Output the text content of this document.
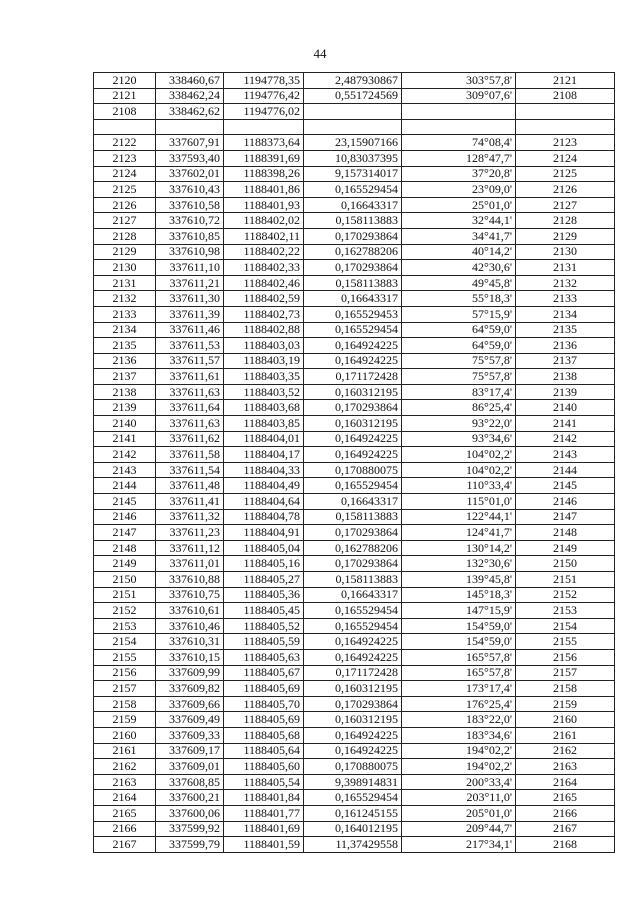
44
2120	338460,67	1194778,35	2,487930867	303°57,8'	2121
2121	338462,24	1194776,42	0,551724569	309°07,6'	2108
2108	338462,62	1194776,02			

2122	337607,91	1188373,64	23,15907166	74°08,4'	2123
2123	337593,40	1188391,69	10,83037395	128°47,7'	2124
2124	337602,01	1188398,26	9,157314017	37°20,8'	2125
2125	337610,43	1188401,86	0,165529454	23°09,0'	2126
2126	337610,58	1188401,93	0,16643317	25°01,0'	2127
2127	337610,72	1188402,02	0,158113883	32°44,1'	2128
2128	337610,85	1188402,11	0,170293864	34°41,7'	2129
2129	337610,98	1188402,22	0,162788206	40°14,2'	2130
2130	337611,10	1188402,33	0,170293864	42°30,6'	2131
2131	337611,21	1188402,46	0,158113883	49°45,8'	2132
2132	337611,30	1188402,59	0,16643317	55°18,3'	2133
2133	337611,39	1188402,73	0,165529453	57°15,9'	2134
2134	337611,46	1188402,88	0,165529454	64°59,0'	2135
2135	337611,53	1188403,03	0,164924225	64°59,0'	2136
2136	337611,57	1188403,19	0,164924225	75°57,8'	2137
2137	337611,61	1188403,35	0,171172428	75°57,8'	2138
2138	337611,63	1188403,52	0,160312195	83°17,4'	2139
2139	337611,64	1188403,68	0,170293864	86°25,4'	2140
2140	337611,63	1188403,85	0,160312195	93°22,0'	2141
2141	337611,62	1188404,01	0,164924225	93°34,6'	2142
2142	337611,58	1188404,17	0,164924225	104°02,2'	2143
2143	337611,54	1188404,33	0,170880075	104°02,2'	2144
2144	337611,48	1188404,49	0,165529454	110°33,4'	2145
2145	337611,41	1188404,64	0,16643317	115°01,0'	2146
2146	337611,32	1188404,78	0,158113883	122°44,1'	2147
2147	337611,23	1188404,91	0,170293864	124°41,7'	2148
2148	337611,12	1188405,04	0,162788206	130°14,2'	2149
2149	337611,01	1188405,16	0,170293864	132°30,6'	2150
2150	337610,88	1188405,27	0,158113883	139°45,8'	2151
2151	337610,75	1188405,36	0,16643317	145°18,3'	2152
2152	337610,61	1188405,45	0,165529454	147°15,9'	2153
2153	337610,46	1188405,52	0,165529454	154°59,0'	2154
2154	337610,31	1188405,59	0,164924225	154°59,0'	2155
2155	337610,15	1188405,63	0,164924225	165°57,8'	2156
2156	337609,99	1188405,67	0,171172428	165°57,8'	2157
2157	337609,82	1188405,69	0,160312195	173°17,4'	2158
2158	337609,66	1188405,70	0,170293864	176°25,4'	2159
2159	337609,49	1188405,69	0,160312195	183°22,0'	2160
2160	337609,33	1188405,68	0,164924225	183°34,6'	2161
2161	337609,17	1188405,64	0,164924225	194°02,2'	2162
2162	337609,01	1188405,60	0,170880075	194°02,2'	2163
2163	337608,85	1188405,54	9,398914831	200°33,4'	2164
2164	337600,21	1188401,84	0,165529454	203°11,0'	2165
2165	337600,06	1188401,77	0,161245155	205°01,0'	2166
2166	337599,92	1188401,69	0,164012195	209°44,7'	2167
2167	337599,79	1188401,59	11,37429558	217°34,1'	2168
